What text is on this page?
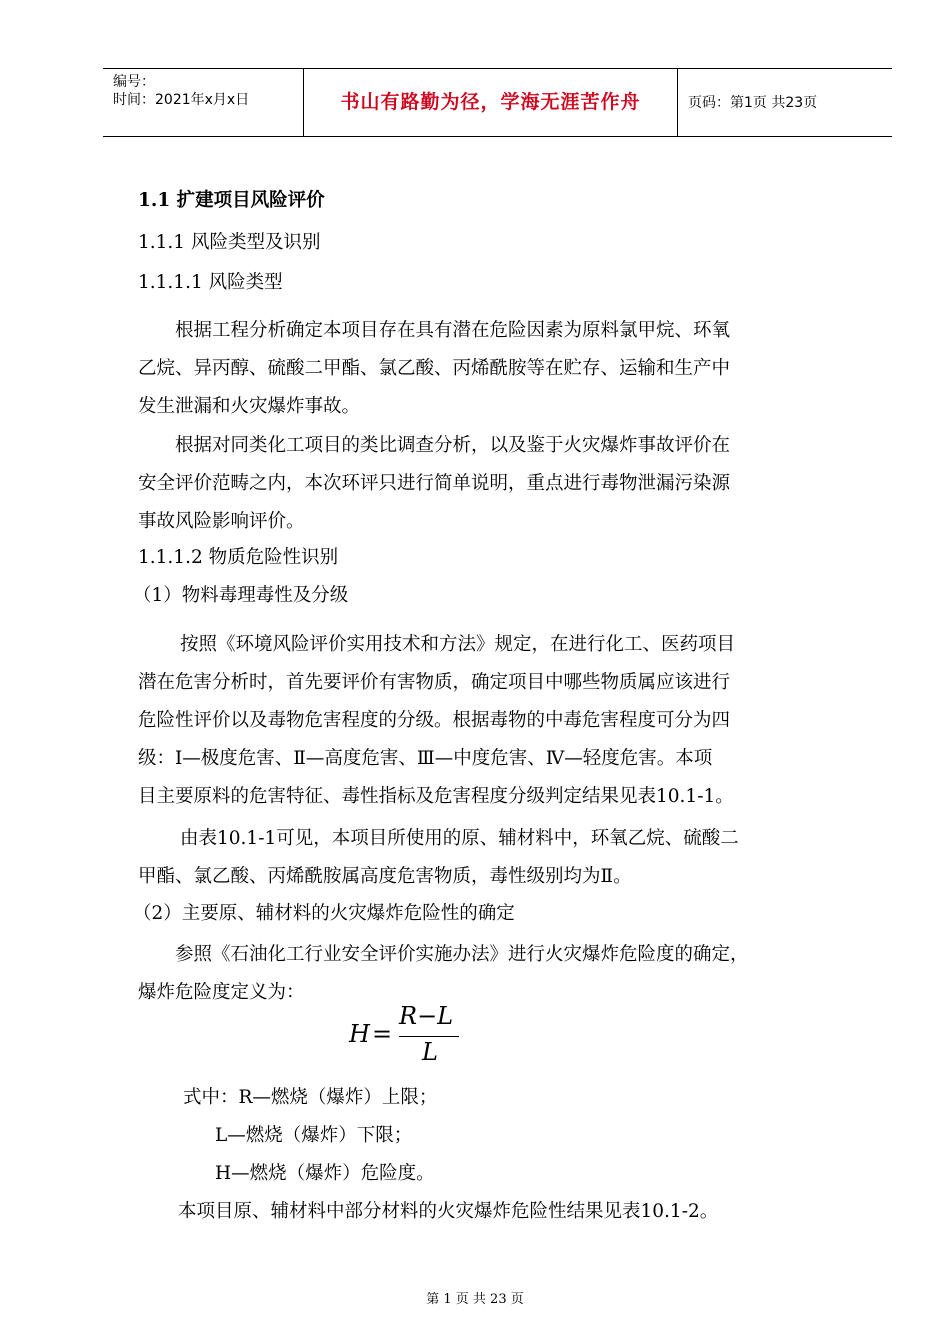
编号：
时间：2021年x月x日	书山有路勤为径，学海无涯苦作舟	页码：第1页 共23页
1.1 扩建项目风险评价
1.1.1 风险类型及识别
1.1.1.1 风险类型
根据工程分析确定本项目存在具有潜在危险因素为原料氯甲烷、环氧
乙烷、异丙醇、硫酸二甲酯、氯乙酸、丙烯酰胺等在贮存、运输和生产中
发生泄漏和火灾爆炸事故。
根据对同类化工项目的类比调查分析，以及鉴于火灾爆炸事故评价在
安全评价范畴之内，本次环评只进行简单说明，重点进行毒物泄漏污染源
事故风险影响评价。
1.1.1.2 物质危险性识别
（1）物料毒理毒性及分级
按照《环境风险评价实用技术和方法》规定，在进行化工、医药项目
潜在危害分析时，首先要评价有害物质，确定项目中哪些物质属应该进行
危险性评价以及毒物危害程度的分级。根据毒物的中毒危害程度可分为四
级：Ⅰ—极度危害、Ⅱ—高度危害、Ⅲ—中度危害、Ⅳ—轻度危害。本项
目主要原料的危害特征、毒性指标及危害程度分级判定结果见表10.1-1。
由表10.1-1可见，本项目所使用的原、辅材料中，环氧乙烷、硫酸二
甲酯、氯乙酸、丙烯酰胺属高度危害物质，毒性级别均为Ⅱ。
（2）主要原、辅材料的火灾爆炸危险性的确定
参照《石油化工行业安全评价实施办法》进行火灾爆炸危险度的确定，
爆炸危险度定义为：
H =
R−L
L
式中：R—燃烧（爆炸）上限；
L—燃烧（爆炸）下限；
H—燃烧（爆炸）危险度。
本项目原、辅材料中部分材料的火灾爆炸危险性结果见表10.1-2。
第 1 页 共 23 页
